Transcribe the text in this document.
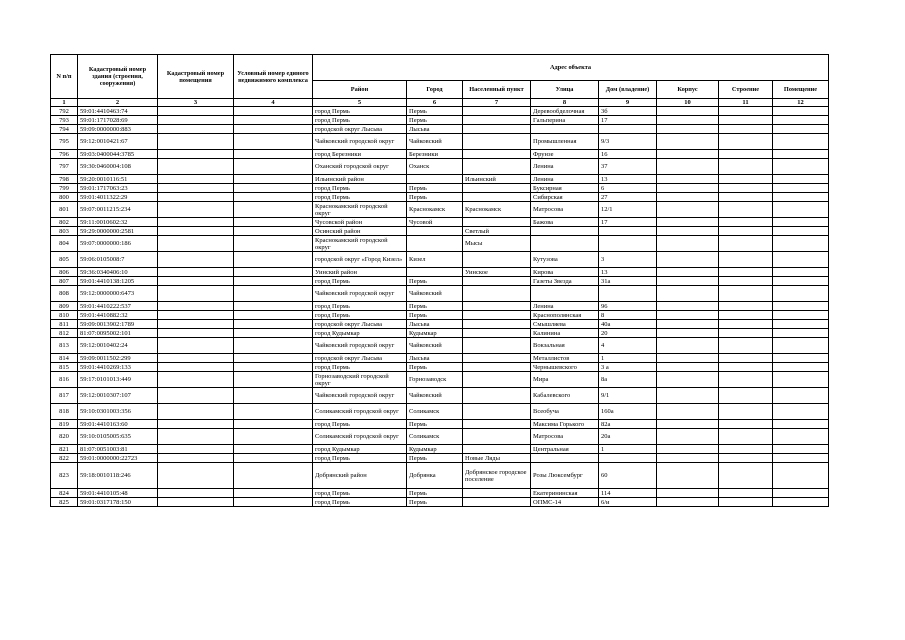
N п/п	Кадастровый номер здания (строения, сооружения)	Кадастровый номер помещения	Условный номер единого недвижимого комплекса	Адрес объекта							
				Район	Город	Населенный пункт	Улица	Дом (владение)	Корпус	Строение	Помещение
1	2	3	4	5	6	7	8	9	10	11	12
792	59:01:4410463:74			город Пермь	Пермь		Деревообделочная	3б			
793	59:01:1717028:69			город Пермь	Пермь		Гальперина	17			
794	59:09:0000000:883			городской округ Лысьва	Лысьва						
795	59:12:0010421:67			Чайковский городской округ	Чайковский		Промышленная	9/3			
796	59:03:0400044:3785			город Березники	Березники		Фрунзе	16			
797	59:30:0460004:108			Оханский городской округ	Оханск		Ленина	37			
798	59:20:0010116:51			Ильинский район		Ильинский	Ленина	13			
799	59:01:1717063:23			город Пермь	Пермь		Буксирная	6			
800	59:01:4011322:29			город Пермь	Пермь		Сибирская	27			
801	59:07:0011215:234			Краснокамский городской округ	Краснокамск	Краснокамск	Матросова	12/1			
802	59:11:0010602:32			Чусовской район	Чусовой		Бажова	17			
803	59:29:0000000:2581			Осинский район		Светлый					
804	59:07:0000000:186			Краснокамский городской округ		Мысы					
805	59:06:0105008:7			городской округ «Город Кизел»	Кизел		Кутузова	3			
806	59:36:0340406:10			Уинский район		Уинское	Кирова	13			
807	59:01:4410138:1205			город Пермь	Пермь		Газеты Звезда	31а			
808	59:12:0000000:6473			Чайковский городской округ	Чайковский						
809	59:01:4410222:537			город Пермь	Пермь		Ленина	96			
810	59:01:4410882:32			город Пермь	Пермь		Краснополянская	8			
811	59:09:0013902:1789			городской округ Лысьва	Лысьва		Смышляева	40а			
812	81:07:0095002:101			город Кудымкар	Кудымкар		Калинина	20			
813	59:12:0010402:24			Чайковский городской округ	Чайковский		Вокзальная	4			
814	59:09:0011502:299			городской округ Лысьва	Лысьва		Металлистов	1			
815	59:01:4410269:133			город Пермь	Пермь		Чернышевского	3 а			
816	59:17:0101013:449			Горнозаводский городской округ	Горнозаводск		Мира	8а			
817	59:12:0010307:107			Чайковский городской округ	Чайковский		Кабалевского	9/1			
818	59:10:0301003:356			Соликамский городской округ	Соликамск		Всеобуча	160а			
819	59:01:4410163:60			город Пермь	Пермь		Максима Горького	82а			
820	59:10:0105005:635			Соликамский городской округ	Соликамск		Матросова	20а			
821	81:07:0051003:81			город Кудымкар	Кудымкар		Центральная	1			
822	59:01:0000000:22723			город Пермь	Пермь	Новые Ляды					
823	59:18:0010118:246			Добрянский район	Добрянка	Добрянское городское поселение	Розы Люксембург	60			
824	59:01:4410105:48			город Пермь	Пермь		Екатерининская	114			
825	59:01:0317178:150			город Пермь	Пермь		ОПМС-14	6/и			
